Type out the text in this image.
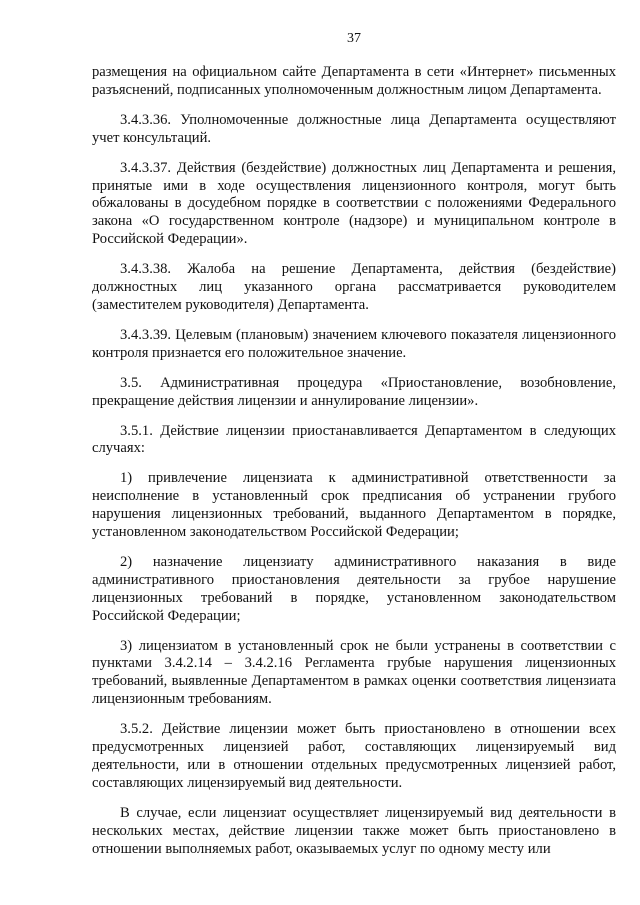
37

размещения на официальном сайте Департамента в сети «Интернет» письменных разъяснений, подписанных уполномоченным должностным лицом Департамента.

3.4.3.36. Уполномоченные должностные лица Департамента осуществляют учет консультаций.

3.4.3.37. Действия (бездействие) должностных лиц Департамента и решения, принятые ими в ходе осуществления лицензионного контроля, могут быть обжалованы в досудебном порядке в соответствии с положениями Федерального закона «О государственном контроле (надзоре) и муниципальном контроле в Российской Федерации».

3.4.3.38. Жалоба на решение Департамента, действия (бездействие) должностных лиц указанного органа рассматривается руководителем (заместителем руководителя) Департамента.

3.4.3.39. Целевым (плановым) значением ключевого показателя лицензионного контроля признается его положительное значение.

3.5. Административная процедура «Приостановление, возобновление, прекращение действия лицензии и аннулирование лицензии».

3.5.1. Действие лицензии приостанавливается Департаментом в следующих случаях:

1) привлечение лицензиата к административной ответственности за неисполнение в установленный срок предписания об устранении грубого нарушения лицензионных требований, выданного Департаментом в порядке, установленном законодательством Российской Федерации;

2) назначение лицензиату административного наказания в виде административного приостановления деятельности за грубое нарушение лицензионных требований в порядке, установленном законодательством Российской Федерации;

3) лицензиатом в установленный срок не были устранены в соответствии с пунктами 3.4.2.14 – 3.4.2.16 Регламента грубые нарушения лицензионных требований, выявленные Департаментом в рамках оценки соответствия лицензиата лицензионным требованиям.

3.5.2. Действие лицензии может быть приостановлено в отношении всех предусмотренных лицензией работ, составляющих лицензируемый вид деятельности, или в отношении отдельных предусмотренных лицензией работ, составляющих лицензируемый вид деятельности.

В случае, если лицензиат осуществляет лицензируемый вид деятельности в нескольких местах, действие лицензии также может быть приостановлено в отношении выполняемых работ, оказываемых услуг по одному месту или
